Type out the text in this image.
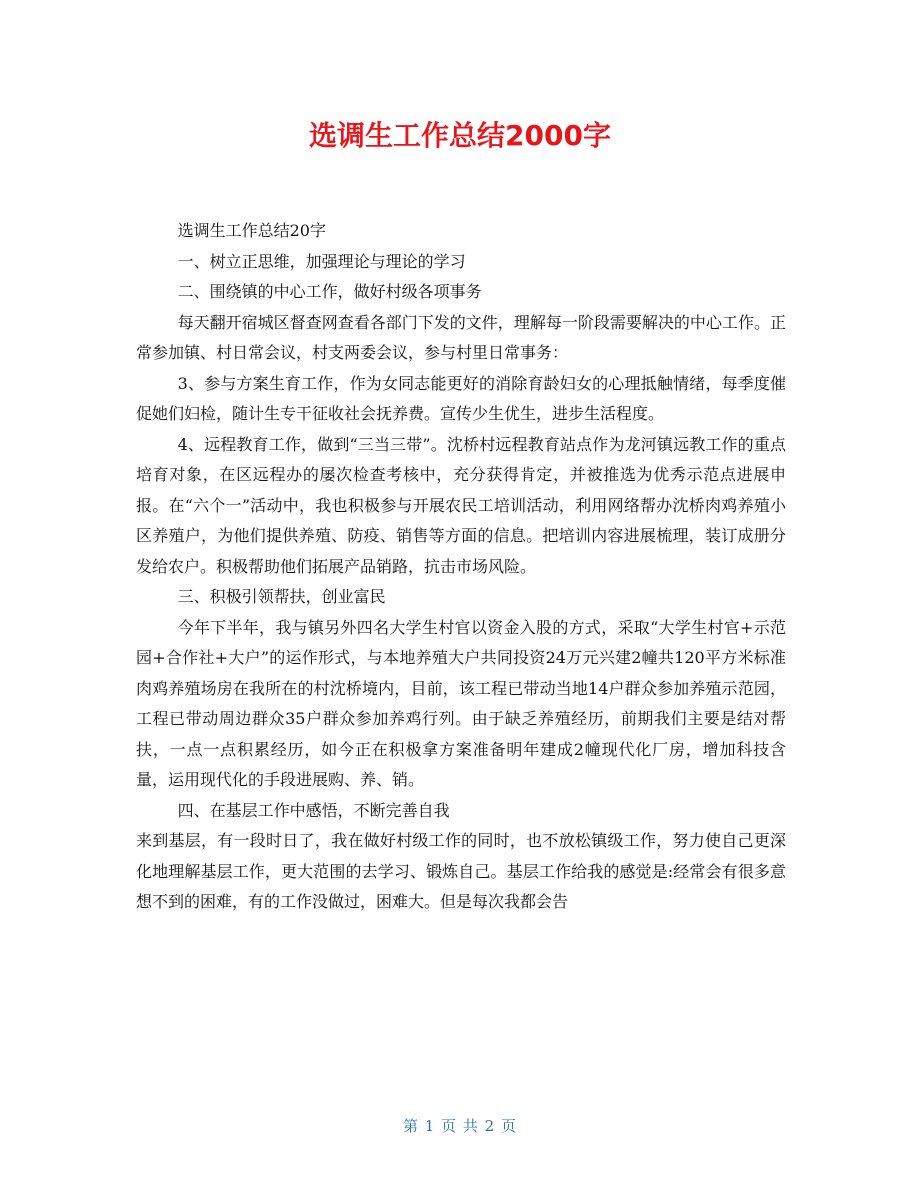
选调生工作总结2000字

选调生工作总结20字

一、树立正思维，加强理论与理论的学习

二、围绕镇的中心工作，做好村级各项事务

每天翻开宿城区督查网查看各部门下发的文件，理解每一阶段需要解决的中心工作。正常参加镇、村日常会议，村支两委会议，参与村里日常事务：

3、参与方案生育工作，作为女同志能更好的消除育龄妇女的心理抵触情绪，每季度催促她们妇检，随计生专干征收社会抚养费。宣传少生优生，进步生活程度。

4、远程教育工作，做到“三当三带”。沈桥村远程教育站点作为龙河镇远教工作的重点培育对象，在区远程办的屡次检查考核中，充分获得肯定，并被推选为优秀示范点进展申报。在“六个一”活动中，我也积极参与开展农民工培训活动，利用网络帮办沈桥肉鸡养殖小区养殖户，为他们提供养殖、防疫、销售等方面的信息。把培训内容进展梳理，装订成册分发给农户。积极帮助他们拓展产品销路，抗击市场风险。

三、积极引领帮扶，创业富民

今年下半年，我与镇另外四名大学生村官以资金入股的方式，采取“大学生村官+示范园+合作社+大户”的运作形式，与本地养殖大户共同投资24万元兴建2幢共120平方米标准肉鸡养殖场房在我所在的村沈桥境内，目前，该工程已带动当地14户群众参加养殖示范园，工程已带动周边群众35户群众参加养鸡行列。由于缺乏养殖经历，前期我们主要是结对帮扶，一点一点积累经历，如今正在积极拿方案准备明年建成2幢现代化厂房，增加科技含量，运用现代化的手段进展购、养、销。

四、在基层工作中感悟，不断完善自我

来到基层，有一段时日了，我在做好村级工作的同时，也不放松镇级工作，努力使自己更深化地理解基层工作，更大范围的去学习、锻炼自己。基层工作给我的感觉是:经常会有很多意想不到的困难，有的工作没做过，困难大。但是每次我都会告

第 1 页 共 2 页
